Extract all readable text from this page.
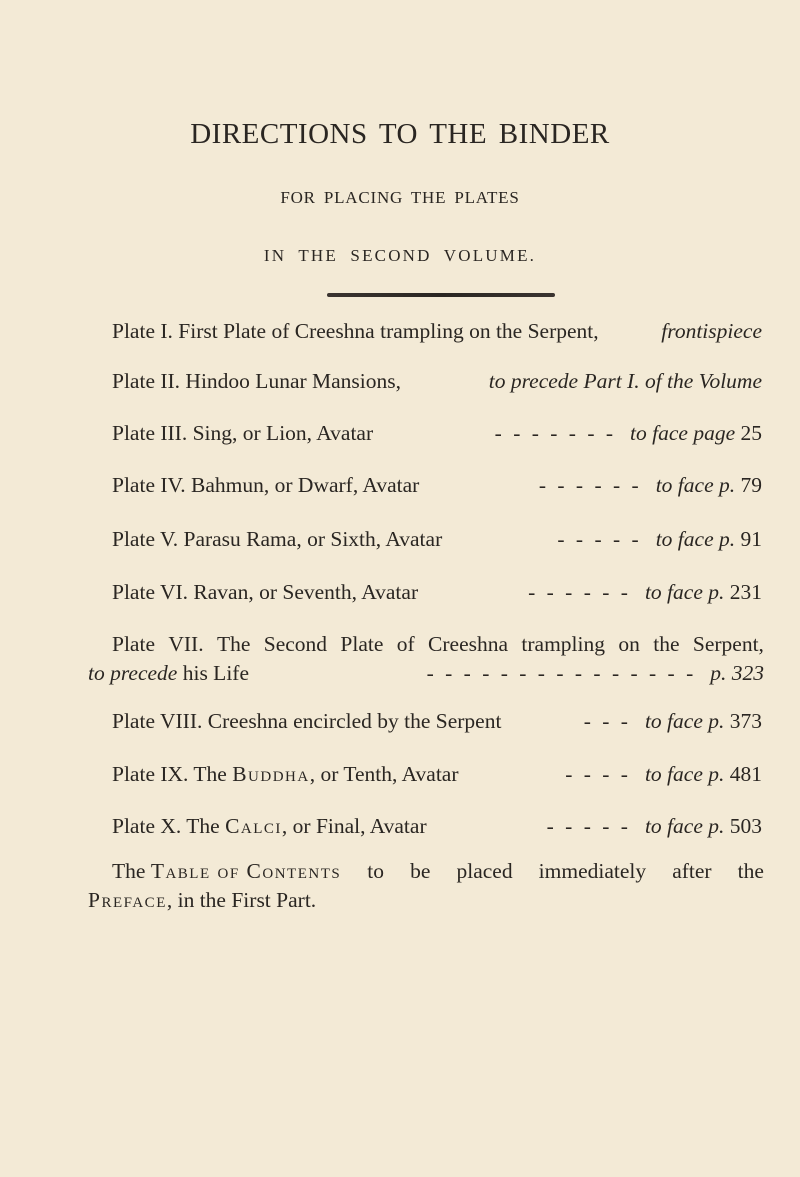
DIRECTIONS TO THE BINDER
FOR PLACING THE PLATES
IN THE SECOND VOLUME.
Plate I. First Plate of Creeshna trampling on the Serpent,	frontispiece
Plate II. Hindoo Lunar Mansions,	to precede Part I. of the Volume
Plate III. Sing, or Lion, Avatar	- - - - - - - to face page 25
Plate IV. Bahmun, or Dwarf, Avatar	- - - - - - to face p. 79
Plate V. Parasu Rama, or Sixth, Avatar	- - - - - to face p. 91
Plate VI. Ravan, or Seventh, Avatar	- - - - - - to face p. 231
Plate VII. The Second Plate of Creeshna trampling on the Serpent,
to precede
his Life	- - - - - - - - - - - - - - - p. 323
Plate VIII. Creeshna encircled by the Serpent	- - - to face p. 373
Plate IX. The Buddha, or Tenth, Avatar	- - - - to face p. 481
Plate X. The Calci, or Final, Avatar	- - - - - to face p. 503
The Table of Contents to be placed immediately after the
Preface, in the First Part.
